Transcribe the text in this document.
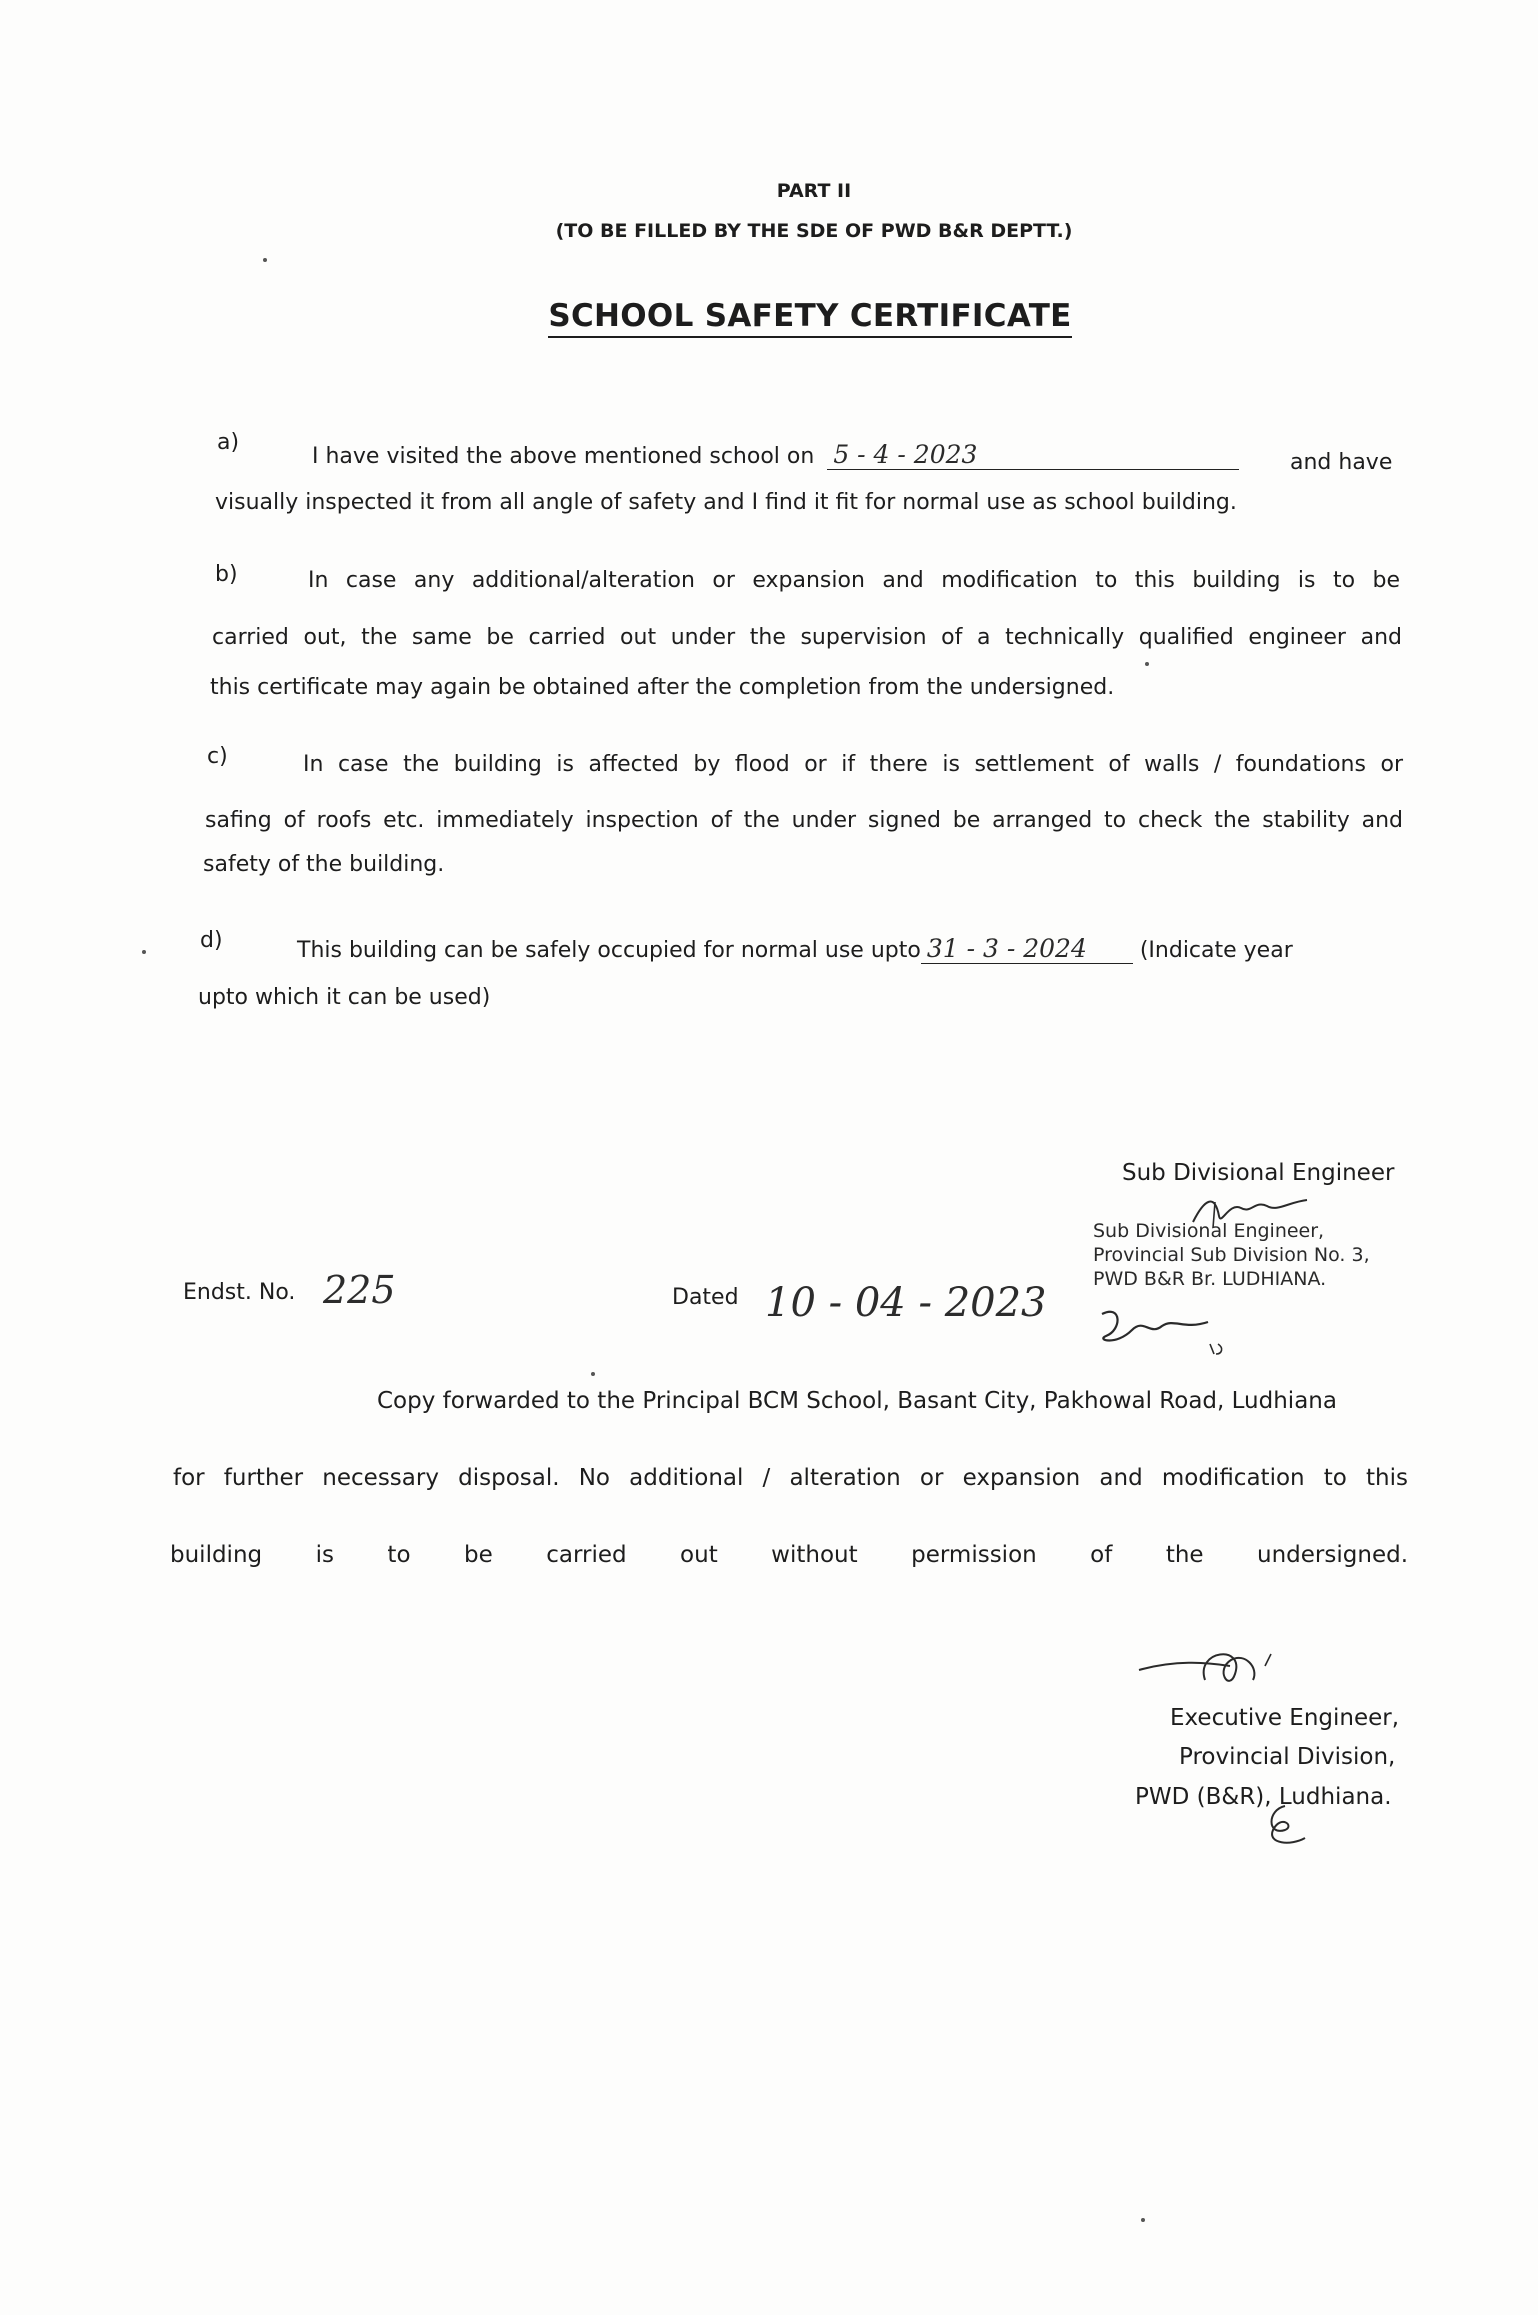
PART II
(TO BE FILLED BY THE SDE OF PWD B&R DEPTT.)
SCHOOL SAFETY CERTIFICATE
a)
I have visited the above mentioned school on 5 - 4 - 2023	and have
visually inspected it from all angle of safety and I find it fit for normal use as school building.
b)	In case any additional/alteration or expansion and modification to this building is to be
carried out, the same be carried out under the supervision of a technically qualified engineer and
this certificate may again be obtained after the completion from the undersigned.
c)	In case the building is affected by flood or if there is settlement of walls / foundations or
safing of roofs etc. immediately inspection of the under signed be arranged to check the stability and
safety of the building.
d)	This building can be safely occupied for normal use upto 31 - 3 - 2024 (Indicate year
upto which it can be used)
Sub Divisional Engineer
Sub Divisional Engineer,
Provincial Sub Division No. 3,
PWD B&R Br. LUDHIANA.
Endst. No. 225	Dated 10 - 04 - 2023
Copy forwarded to the Principal BCM School, Basant City, Pakhowal Road, Ludhiana
for further necessary disposal. No additional / alteration or expansion and modification to this
building is to be carried out without permission of the undersigned.
Executive Engineer,
Provincial Division,
PWD (B&R), Ludhiana.
